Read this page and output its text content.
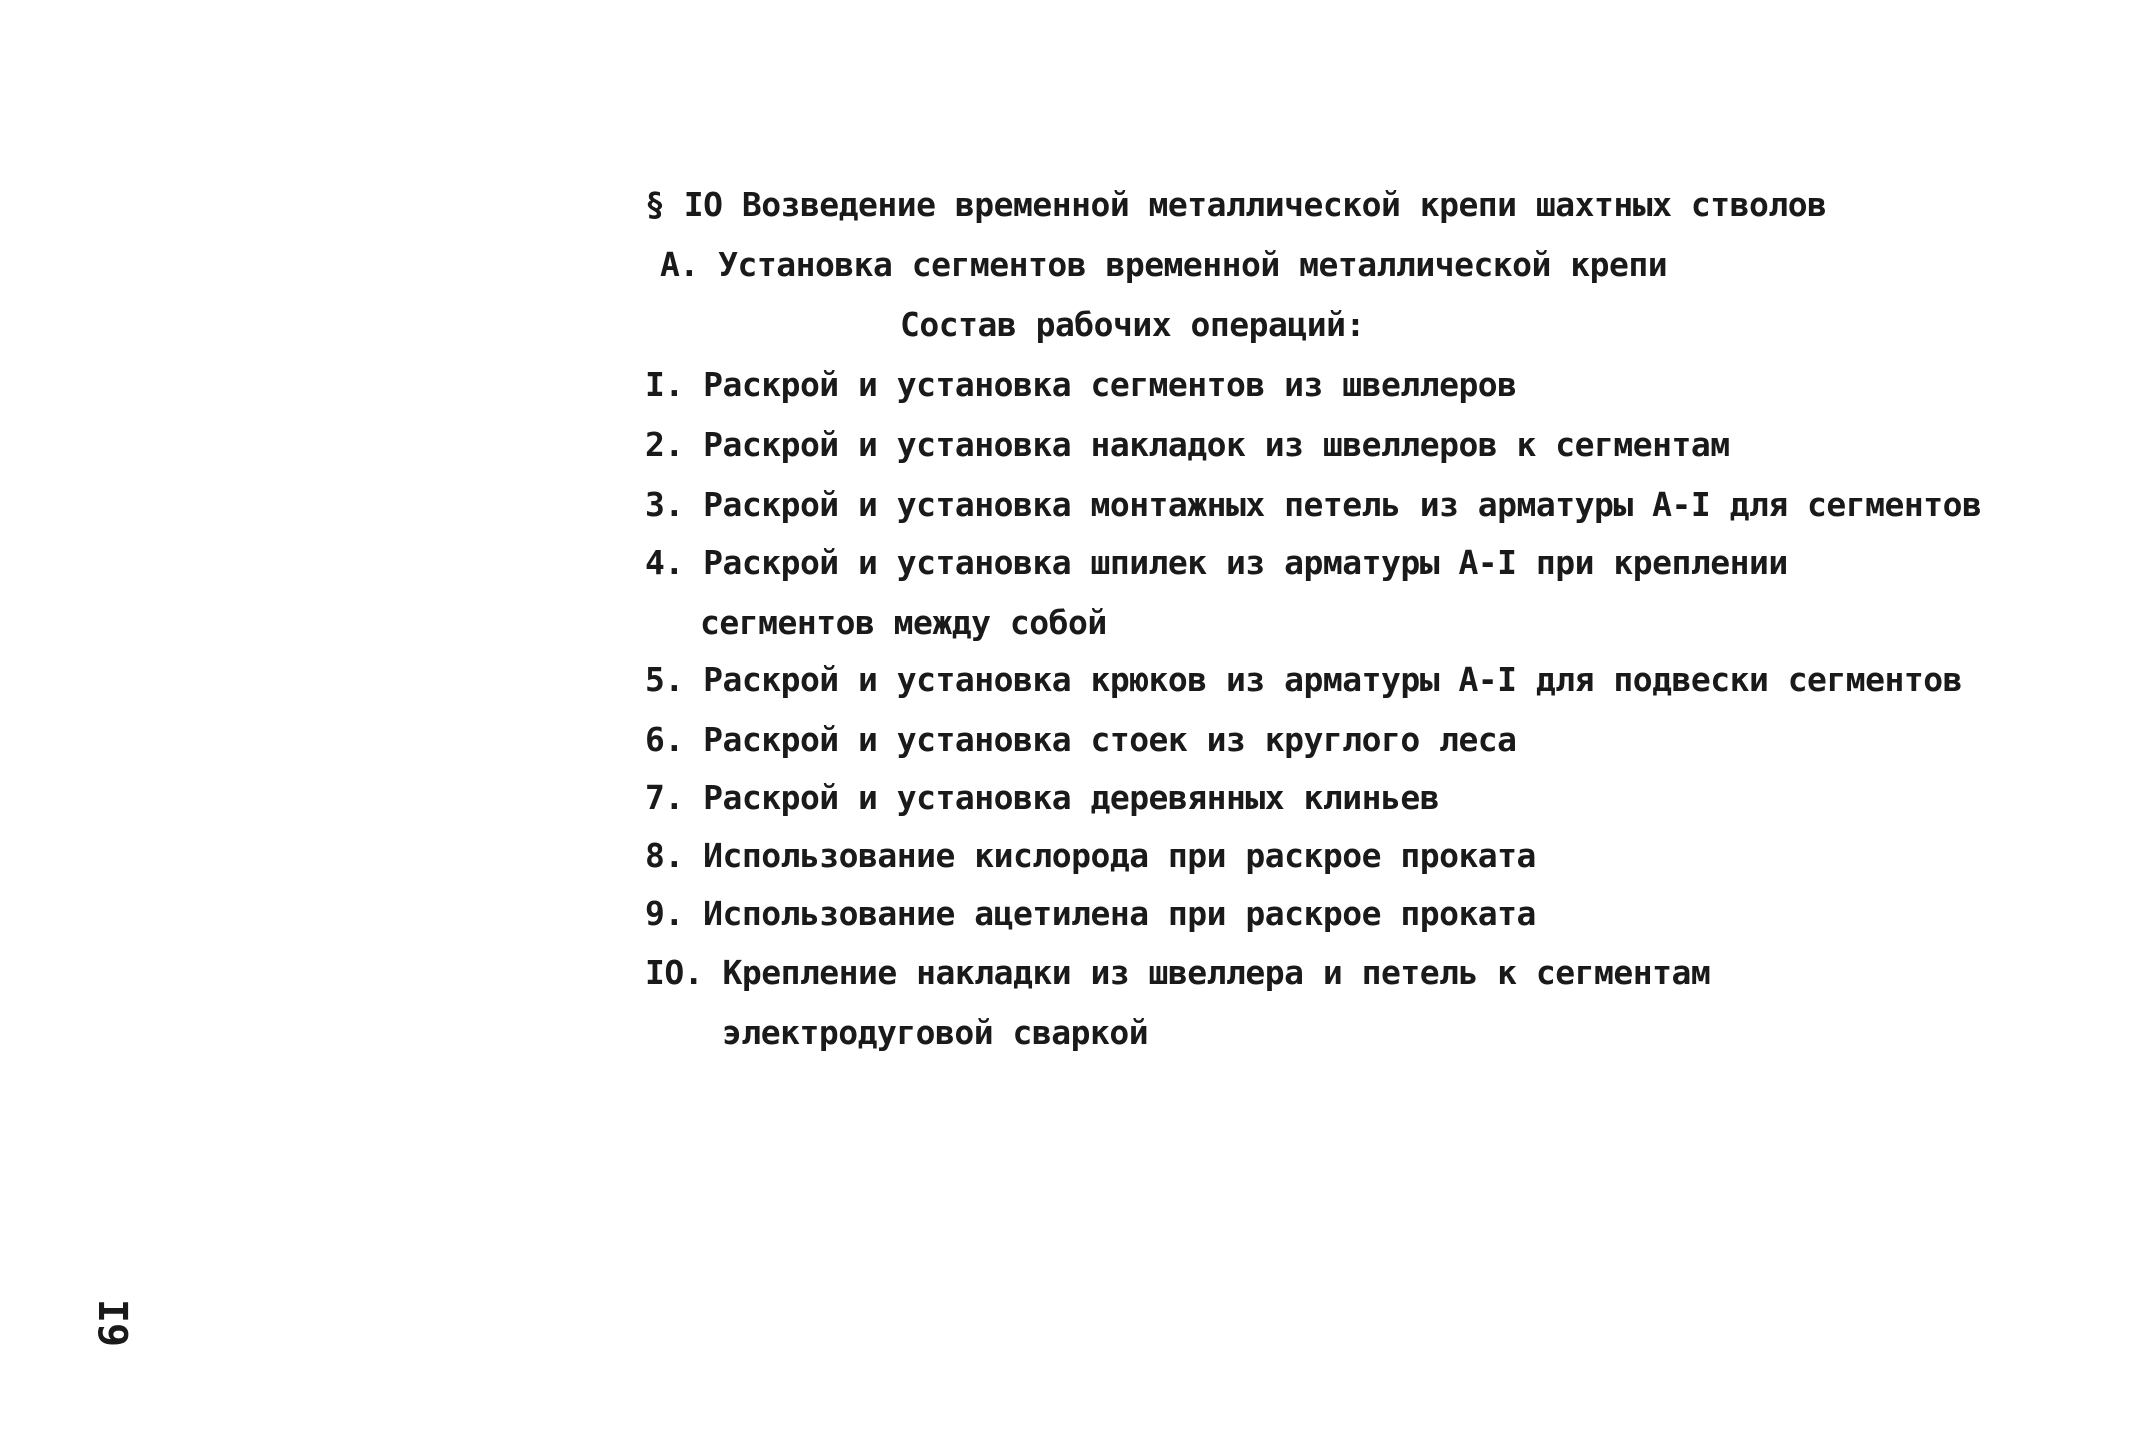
§ IО Возведение временной металлической крепи шахтных стволов
А. Установка сегментов временной металлической крепи
Состав рабочих операций:
I. Раскрой и установка сегментов из швеллеров
2. Раскрой и установка накладок из швеллеров к сегментам
3. Раскрой и установка монтажных петель из арматуры А-I для сегментов
4. Раскрой и установка шпилек из арматуры А-I при креплении
сегментов между собой
5. Раскрой и установка крюков из арматуры А-I для подвески сегментов
6. Раскрой и установка стоек из круглого леса
7. Раскрой и установка деревянных клиньев
8. Использование кислорода при раскрое проката
9. Использование ацетилена при раскрое проката
IО. Крепление накладки из швеллера и петель к сегментам
электродуговой сваркой
I9
